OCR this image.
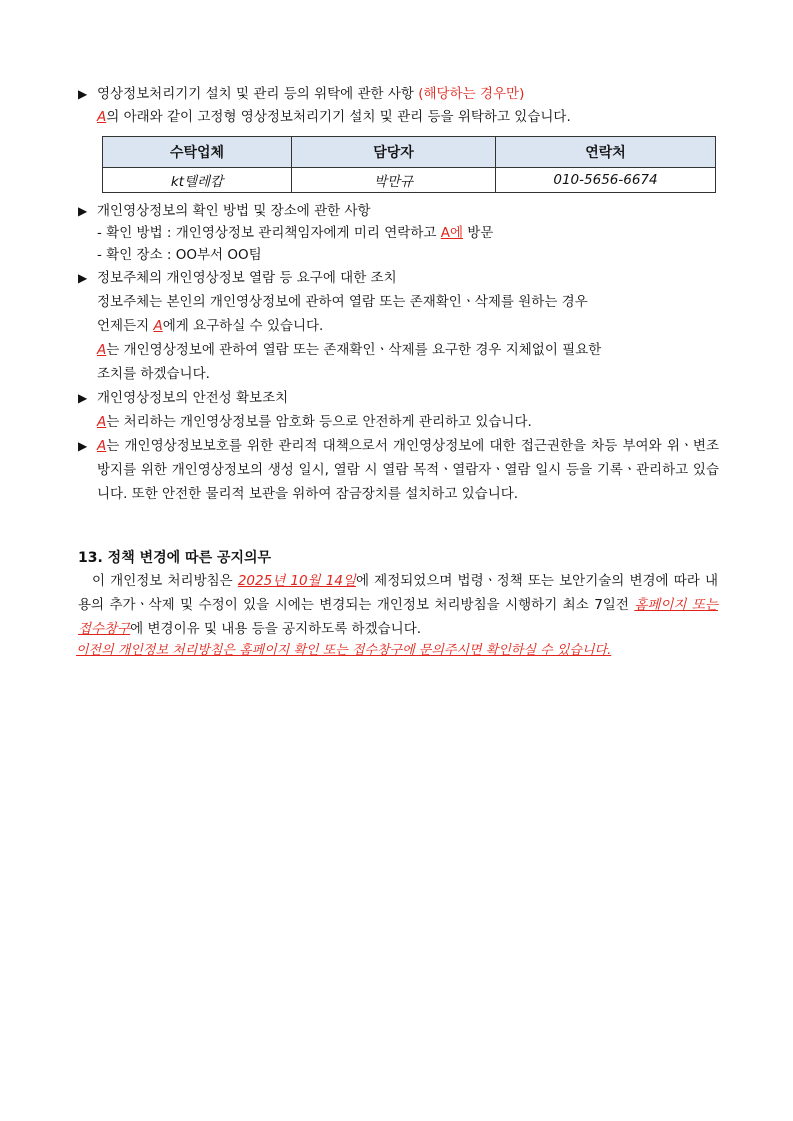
▶ 영상정보처리기기 설치 및 관리 등의 위탁에 관한 사항 (해당하는 경우만)
A의 아래와 같이 고정형 영상정보처리기기 설치 및 관리 등을 위탁하고 있습니다.
수탁업체	담당자	연락처
kt텔레캅	박만규	010-5656-6674
▶ 개인영상정보의 확인 방법 및 장소에 관한 사항
- 확인 방법 : 개인영상정보 관리책임자에게 미리 연락하고 A에 방문
- 확인 장소 : OO부서 OO팀
▶ 정보주체의 개인영상정보 열람 등 요구에 대한 조치
정보주체는 본인의 개인영상정보에 관하여 열람 또는 존재확인ㆍ삭제를 원하는 경우
언제든지 A에게 요구하실 수 있습니다.
A는 개인영상정보에 관하여 열람 또는 존재확인ㆍ삭제를 요구한 경우 지체없이 필요한
조치를 하겠습니다.
▶ 개인영상정보의 안전성 확보조치
A는 처리하는 개인영상정보를 암호화 등으로 안전하게 관리하고 있습니다.
▶ A는 개인영상정보보호를 위한 관리적 대책으로서 개인영상정보에 대한 접근권한을 차등 부여와 위ㆍ변조 방지를 위한 개인영상정보의 생성 일시, 열람 시 열람 목적ㆍ열람자ㆍ열람 일시 등을 기록ㆍ관리하고 있습니다. 또한 안전한 물리적 보관을 위하여 잠금장치를 설치하고 있습니다.
13. 정책 변경에 따른 공지의무
이 개인정보 처리방침은 2025년 10월 14일에 제정되었으며 법령ㆍ정책 또는 보안기술의 변경에 따라 내용의 추가ㆍ삭제 및 수정이 있을 시에는 변경되는 개인정보 처리방침을 시행하기 최소 7일전 홈페이지 또는 접수창구에 변경이유 및 내용 등을 공지하도록 하겠습니다.
이전의 개인정보 처리방침은 홈페이지 확인 또는 접수창구에 문의주시면 확인하실 수 있습니다.
